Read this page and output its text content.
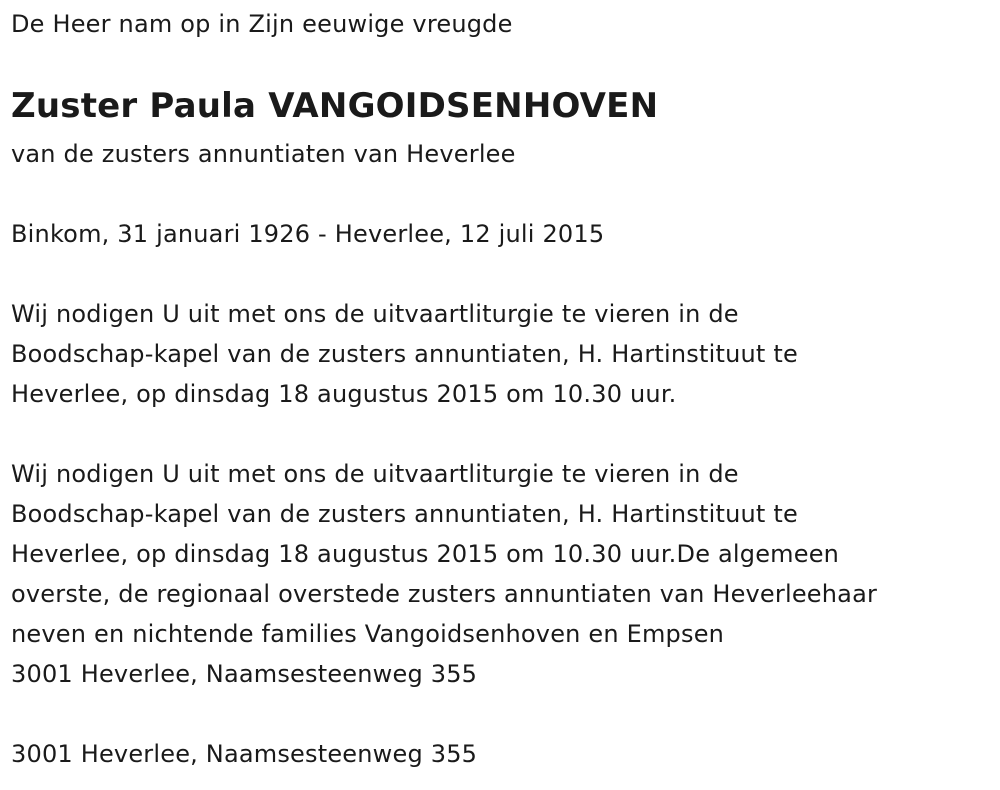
De Heer nam op in Zijn eeuwige vreugde
Zuster Paula VANGOIDSENHOVEN
van de zusters annuntiaten van Heverlee
Binkom, 31 januari 1926 - Heverlee, 12 juli 2015
Wij nodigen U uit met ons de uitvaartliturgie te vieren in de
Boodschap-kapel van de zusters annuntiaten, H. Hartinstituut te
Heverlee, op dinsdag 18 augustus 2015 om 10.30 uur.
Wij nodigen U uit met ons de uitvaartliturgie te vieren in de
Boodschap-kapel van de zusters annuntiaten, H. Hartinstituut te
Heverlee, op dinsdag 18 augustus 2015 om 10.30 uur.De algemeen
overste, de regionaal overstede zusters annuntiaten van Heverleehaar
neven en nichtende families Vangoidsenhoven en Empsen
3001 Heverlee, Naamsesteenweg 355
3001 Heverlee, Naamsesteenweg 355
